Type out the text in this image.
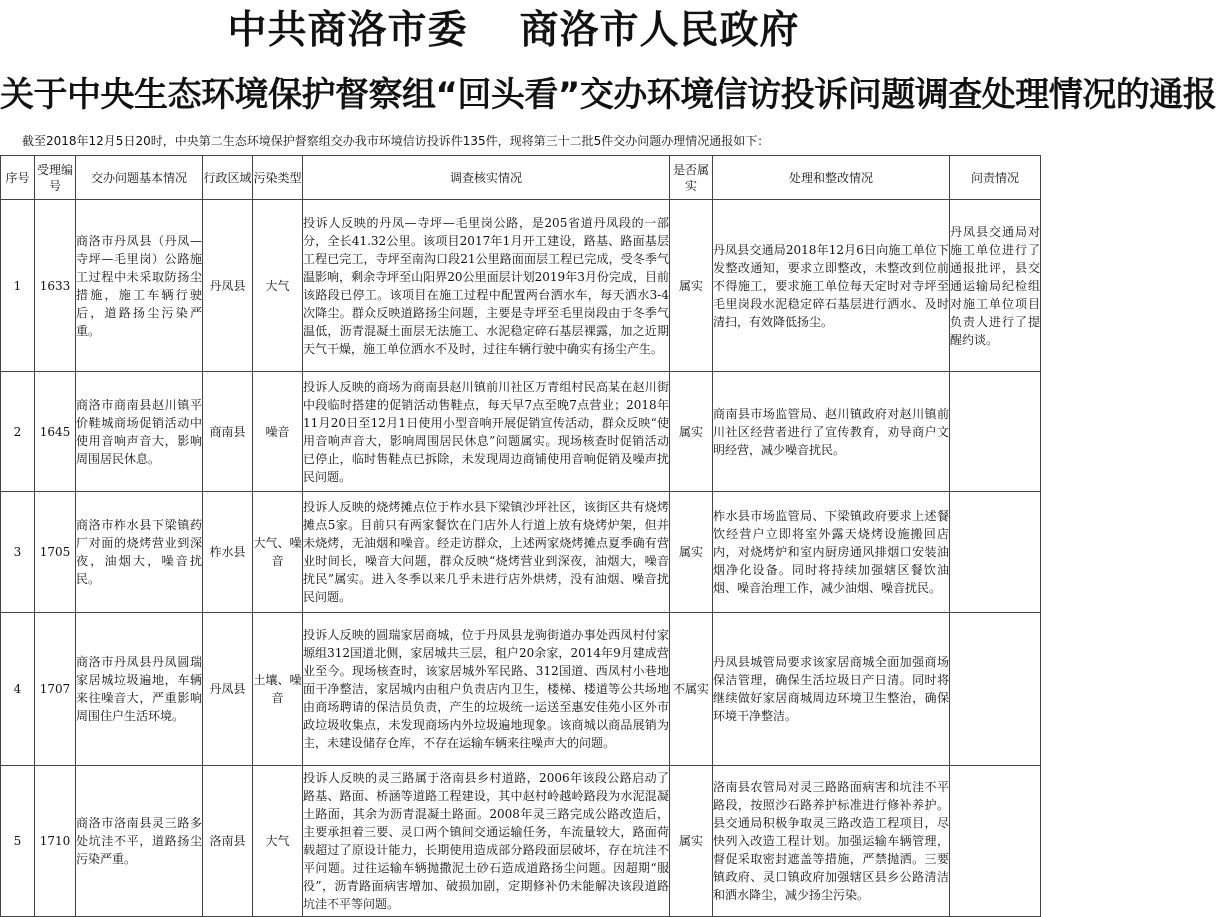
中共商洛市委 商洛市人民政府
关于中央生态环境保护督察组“回头看”交办环境信访投诉问题调查处理情况的通报
截至2018年12月5日20时，中央第二生态环境保护督察组交办我市环境信访投诉件135件，现将第三十二批5件交办问题办理情况通报如下：
序号	受理编号	交办问题基本情况	行政区域	污染类型	调查核实情况	是否属实	处理和整改情况	问责情况
1	1633	商洛市丹凤县（丹凤—寺坪—毛里岗）公路施工过程中未采取防扬尘措施，施工车辆行驶后，道路扬尘污染严重。	丹凤县	大气	投诉人反映的丹凤—寺坪—毛里岗公路，是205省道丹凤段的一部分，全长41.32公里。该项目2017年1月开工建设，路基、路面基层工程已完工，寺坪至南沟口段21公里路面面层工程已完成，受冬季气温影响，剩余寺坪至山阳界20公里面层计划2019年3月份完成，目前该路段已停工。该项目在施工过程中配置两台洒水车，每天洒水3-4次降尘。群众反映道路扬尘问题，主要是寺坪至毛里岗段由于冬季气温低，沥青混凝土面层无法施工、水泥稳定碎石基层裸露，加之近期天气干燥，施工单位洒水不及时，过往车辆行驶中确实有扬尘产生。	属实	丹凤县交通局2018年12月6日向施工单位下发整改通知，要求立即整改，未整改到位前不得施工，要求施工单位每天定时对寺坪至毛里岗段水泥稳定碎石基层进行洒水、及时清扫，有效降低扬尘。	丹凤县交通局对施工单位进行了通报批评，县交通运输局纪检组对施工单位项目负责人进行了提醒约谈。
2	1645	商洛市商南县赵川镇平价鞋城商场促销活动中使用音响声音大，影响周围居民休息。	商南县	噪音	投诉人反映的商场为商南县赵川镇前川社区万青组村民高某在赵川街中段临时搭建的促销活动售鞋点，每天早7点至晚7点营业；2018年11月20日至12月1日使用小型音响开展促销宣传活动，群众反映“使用音响声音大，影响周围居民休息”问题属实。现场核查时促销活动已停止，临时售鞋点已拆除，未发现周边商铺使用音响促销及噪声扰民问题。	属实	商南县市场监管局、赵川镇政府对赵川镇前川社区经营者进行了宣传教育，劝导商户文明经营，减少噪音扰民。	
3	1705	商洛市柞水县下梁镇药厂对面的烧烤营业到深夜，油烟大，噪音扰民。	柞水县	大气、噪音	投诉人反映的烧烤摊点位于柞水县下梁镇沙坪社区，该街区共有烧烤摊点5家。目前只有两家餐饮在门店外人行道上放有烧烤炉架，但并未烧烤，无油烟和噪音。经走访群众，上述两家烧烤摊点夏季确有营业时间长，噪音大问题，群众反映“烧烤营业到深夜，油烟大，噪音扰民”属实。进入冬季以来几乎未进行店外烘烤，没有油烟、噪音扰民问题。	属实	柞水县市场监管局、下梁镇政府要求上述餐饮经营户立即将室外露天烧烤设施搬回店内，对烧烤炉和室内厨房通风排烟口安装油烟净化设备。同时将持续加强辖区餐饮油烟、噪音治理工作，减少油烟、噪音扰民。	
4	1707	商洛市丹凤县丹凤圆瑞家居城垃圾遍地，车辆来往噪音大，严重影响周围住户生活环境。	丹凤县	土壤、噪音	投诉人反映的圆瑞家居商城，位于丹凤县龙驹街道办事处西凤村付家塬组312国道北侧，家居城共三层，租户20余家，2014年9月建成营业至今。现场核查时，该家居城外军民路、312国道、西凤村小巷地面干净整洁，家居城内由租户负责店内卫生，楼梯、楼道等公共场地由商场聘请的保洁员负责，产生的垃圾统一运送至惠安佳苑小区外市政垃圾收集点，未发现商场内外垃圾遍地现象。该商城以商品展销为主，未建设储存仓库，不存在运输车辆来往噪声大的问题。	不属实	丹凤县城管局要求该家居商城全面加强商场保洁管理，确保生活垃圾日产日清。同时将继续做好家居商城周边环境卫生整治，确保环境干净整洁。	
5	1710	商洛市洛南县灵三路多处坑洼不平，道路扬尘污染严重。	洛南县	大气	投诉人反映的灵三路属于洛南县乡村道路，2006年该段公路启动了路基、路面、桥涵等道路工程建设，其中赵村岭越岭路段为水泥混凝土路面，其余为沥青混凝土路面。2008年灵三路完成公路改造后，主要承担着三要、灵口两个镇间交通运输任务，车流量较大，路面荷载超过了原设计能力，长期使用造成部分路段面层破坏，存在坑洼不平问题。过往运输车辆抛撒泥土砂石造成道路扬尘问题。因超期“服役”，沥青路面病害增加、破损加剧，定期修补仍未能解决该段道路坑洼不平等问题。	属实	洛南县农管局对灵三路路面病害和坑洼不平路段，按照沙石路养护标准进行修补养护。县交通局积极争取灵三路改造工程项目，尽快列入改造工程计划。加强运输车辆管理，督促采取密封遮盖等措施，严禁抛洒。三要镇政府、灵口镇政府加强辖区县乡公路清洁和洒水降尘，减少扬尘污染。	
